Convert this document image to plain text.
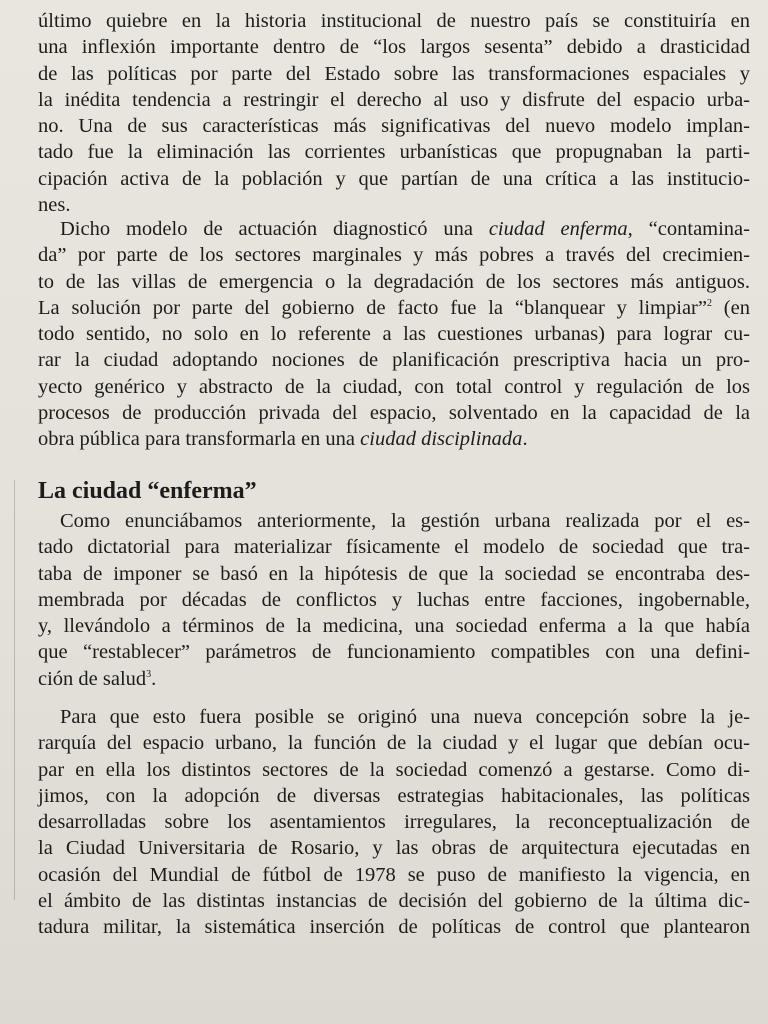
último quiebre en la historia institucional de nuestro país se constituiría en
una inflexión importante dentro de “los largos sesenta” debido a drasticidad
de las políticas por parte del Estado sobre las transformaciones espaciales y
la inédita tendencia a restringir el derecho al uso y disfrute del espacio urba-
no. Una de sus características más significativas del nuevo modelo implan-
tado fue la eliminación las corrientes urbanísticas que propugnaban la parti-
cipación activa de la población y que partían de una crítica a las institucio-
nes.
Dicho modelo de actuación diagnosticó una ciudad enferma, “contamina-
da” por parte de los sectores marginales y más pobres a través del crecimien-
to de las villas de emergencia o la degradación de los sectores más antiguos.
La solución por parte del gobierno de facto fue la “blanquear y limpiar”$^2$ (en
todo sentido, no solo en lo referente a las cuestiones urbanas) para lograr cu-
rar la ciudad adoptando nociones de planificación prescriptiva hacia un pro-
yecto genérico y abstracto de la ciudad, con total control y regulación de los
procesos de producción privada del espacio, solventado en la capacidad de la
obra pública para transformarla en una ciudad disciplinada.
La ciudad “enferma”
Como enunciábamos anteriormente, la gestión urbana realizada por el es-
tado dictatorial para materializar físicamente el modelo de sociedad que tra-
taba de imponer se basó en la hipótesis de que la sociedad se encontraba des-
membrada por décadas de conflictos y luchas entre facciones, ingobernable,
y, llevándolo a términos de la medicina, una sociedad enferma a la que había
que “restablecer” parámetros de funcionamiento compatibles con una defini-
ción de salud$^3$.
Para que esto fuera posible se originó una nueva concepción sobre la je-
rarquía del espacio urbano, la función de la ciudad y el lugar que debían ocu-
par en ella los distintos sectores de la sociedad comenzó a gestarse. Como di-
jimos, con la adopción de diversas estrategias habitacionales, las políticas
desarrolladas sobre los asentamientos irregulares, la reconceptualización de
la Ciudad Universitaria de Rosario, y las obras de arquitectura ejecutadas en
ocasión del Mundial de fútbol de 1978 se puso de manifiesto la vigencia, en
el ámbito de las distintas instancias de decisión del gobierno de la última dic-
tadura militar, la sistemática inserción de políticas de control que plantearon
